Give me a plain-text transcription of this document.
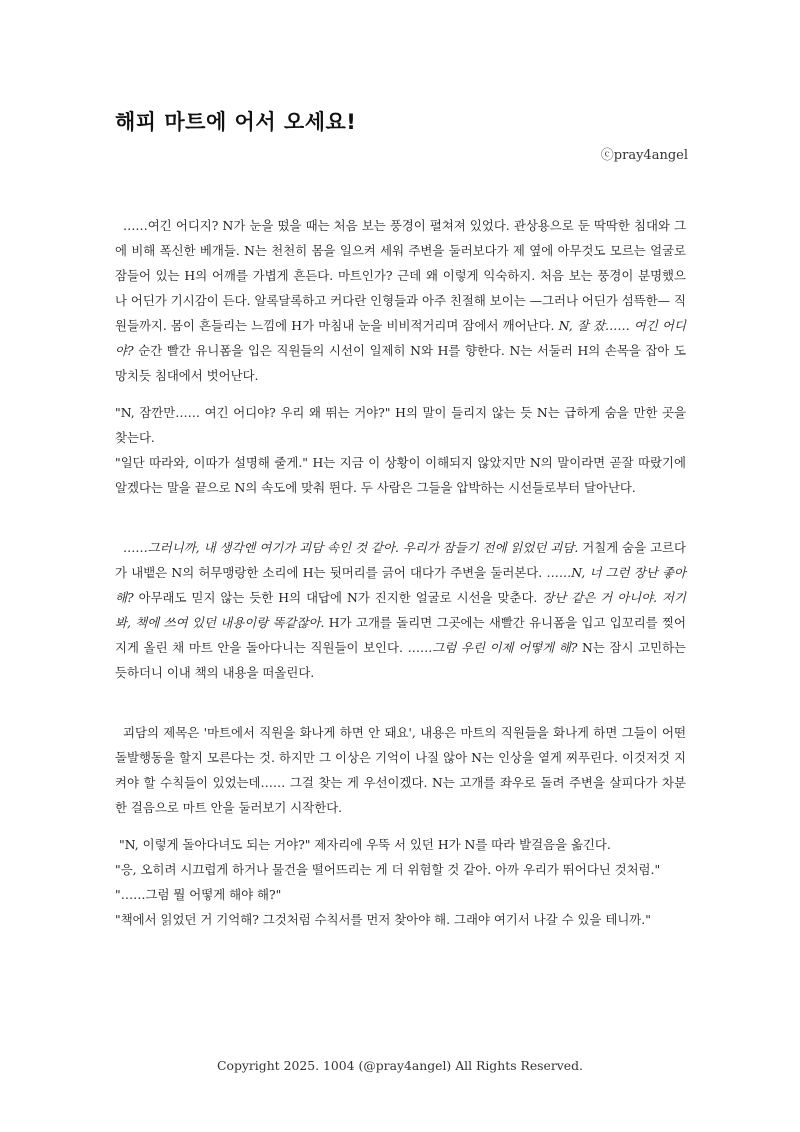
해피 마트에 어서 오세요!
ⓒpray4angel

……여긴 어디지? N가 눈을 떴을 때는 처음 보는 풍경이 펼쳐져 있었다. 관상용으로 둔 딱딱한 침대와 그에 비해 폭신한 베개들. N는 천천히 몸을 일으켜 세워 주변을 둘러보다가 제 옆에 아무것도 모르는 얼굴로 잠들어 있는 H의 어깨를 가볍게 흔든다. 마트인가? 근데 왜 이렇게 익숙하지. 처음 보는 풍경이 분명했으나 어딘가 기시감이 든다. 알록달록하고 커다란 인형들과 아주 친절해 보이는 —그러나 어딘가 섬뜩한— 직원들까지. 몸이 흔들리는 느낌에 H가 마침내 눈을 비비적거리며 잠에서 깨어난다. N, 잘 잤…… 여긴 어디야? 순간 빨간 유니폼을 입은 직원들의 시선이 일제히 N와 H를 향한다. N는 서둘러 H의 손목을 잡아 도망치듯 침대에서 벗어난다.

"N, 잠깐만…… 여긴 어디야? 우리 왜 뛰는 거야?" H의 말이 들리지 않는 듯 N는 급하게 숨을 만한 곳을 찾는다.

"일단 따라와, 이따가 설명해 줄게." H는 지금 이 상황이 이해되지 않았지만 N의 말이라면 곧잘 따랐기에 알겠다는 말을 끝으로 N의 속도에 맞춰 뛴다. 두 사람은 그들을 압박하는 시선들로부터 달아난다.

……그러니까, 내 생각엔 여기가 괴담 속인 것 같아. 우리가 잠들기 전에 읽었던 괴담. 거칠게 숨을 고르다가 내뱉은 N의 허무맹랑한 소리에 H는 뒷머리를 긁어 대다가 주변을 둘러본다. ……N, 너 그런 장난 좋아해? 아무래도 믿지 않는 듯한 H의 대답에 N가 진지한 얼굴로 시선을 맞춘다. 장난 같은 거 아니야. 저기 봐, 책에 쓰여 있던 내용이랑 똑같잖아. H가 고개를 돌리면 그곳에는 새빨간 유니폼을 입고 입꼬리를 찢어지게 올린 채 마트 안을 돌아다니는 직원들이 보인다. ……그럼 우린 이제 어떻게 해? N는 잠시 고민하는 듯하더니 이내 책의 내용을 떠올린다.

괴담의 제목은 '마트에서 직원을 화나게 하면 안 돼요', 내용은 마트의 직원들을 화나게 하면 그들이 어떤 돌발행동을 할지 모른다는 것. 하지만 그 이상은 기억이 나질 않아 N는 인상을 옅게 찌푸린다. 이것저것 지켜야 할 수칙들이 있었는데…… 그걸 찾는 게 우선이겠다. N는 고개를 좌우로 돌려 주변을 살피다가 차분한 걸음으로 마트 안을 둘러보기 시작한다.

"N, 이렇게 돌아다녀도 되는 거야?" 제자리에 우뚝 서 있던 H가 N를 따라 발걸음을 옮긴다.

"응, 오히려 시끄럽게 하거나 물건을 떨어뜨리는 게 더 위험할 것 같아. 아까 우리가 뛰어다닌 것처럼."

"……그럼 뭘 어떻게 해야 해?"

"책에서 읽었던 거 기억해? 그것처럼 수칙서를 먼저 찾아야 해. 그래야 여기서 나갈 수 있을 테니까."

Copyright 2025. 1004 (@pray4angel) All Rights Reserved.
